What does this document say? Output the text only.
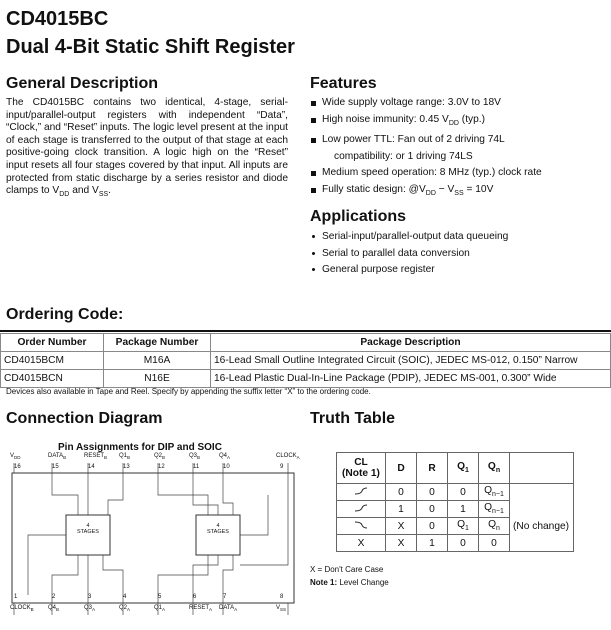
CD4015BC
Dual 4-Bit Static Shift Register
General Description
The CD4015BC contains two identical, 4-stage, serial-input/parallel-output registers with independent “Data”, “Clock,” and “Reset” inputs. The logic level present at the input of each stage is transferred to the output of that stage at each positive-going clock transition. A logic high on the “Reset” input resets all four stages covered by that input. All inputs are protected from static discharge by a series resistor and diode clamps to $V_{DD}$ and $V_{SS}$.
Features
Wide supply voltage range: 3.0V to 18V
High noise immunity: 0.45 $V_{DD}$ (typ.)
Low power TTL: Fan out of 2 driving 74L
compatibility: or 1 driving 74LS
Medium speed operation: 8 MHz (typ.) clock rate
Fully static design: $@V_{DD} - V_{SS} = 10V$
Applications
Serial-input/parallel-output data queueing
Serial to parallel data conversion
General purpose register
Ordering Code:
Order Number	Package Number	Package Description
CD4015BCM	M16A	16-Lead Small Outline Integrated Circuit (SOIC), JEDEC MS-012, 0.150” Narrow
CD4015BCN	N16E	16-Lead Plastic Dual-In-Line Package (PDIP), JEDEC MS-001, 0.300” Wide
Devices also available in Tape and Reel. Specify by appending the suffix letter “X” to the ordering code.
Connection Diagram
Pin Assignments for DIP and SOIC
$V_{DD}$
16
$DATA_B$
15
$RESET_B$
14
$Q1_B$
13
$Q2_B$
12
$Q3_B$
11
$Q4_A$
10
$CLOCK_A$
9
1
$CLOCK_B$
2
$Q4_B$
3
$Q3_A$
4
$Q2_A$
5
$Q1_A$
6
$RESET_A$
7
$DATA_A$
8
$V_{SS}$
4
STAGES
4
STAGES
Truth Table
CL
(Note 1)	D	R	$Q_1$	$Q_n$	
	0	0	0	$Q_{n-1}$	
	1	0	1	$Q_{n-1}$	
	X	0	$Q_1$	$Q_n$	(No change)
X	X	1	0	0	
X = Don't Care Case
Note 1: Level Change
